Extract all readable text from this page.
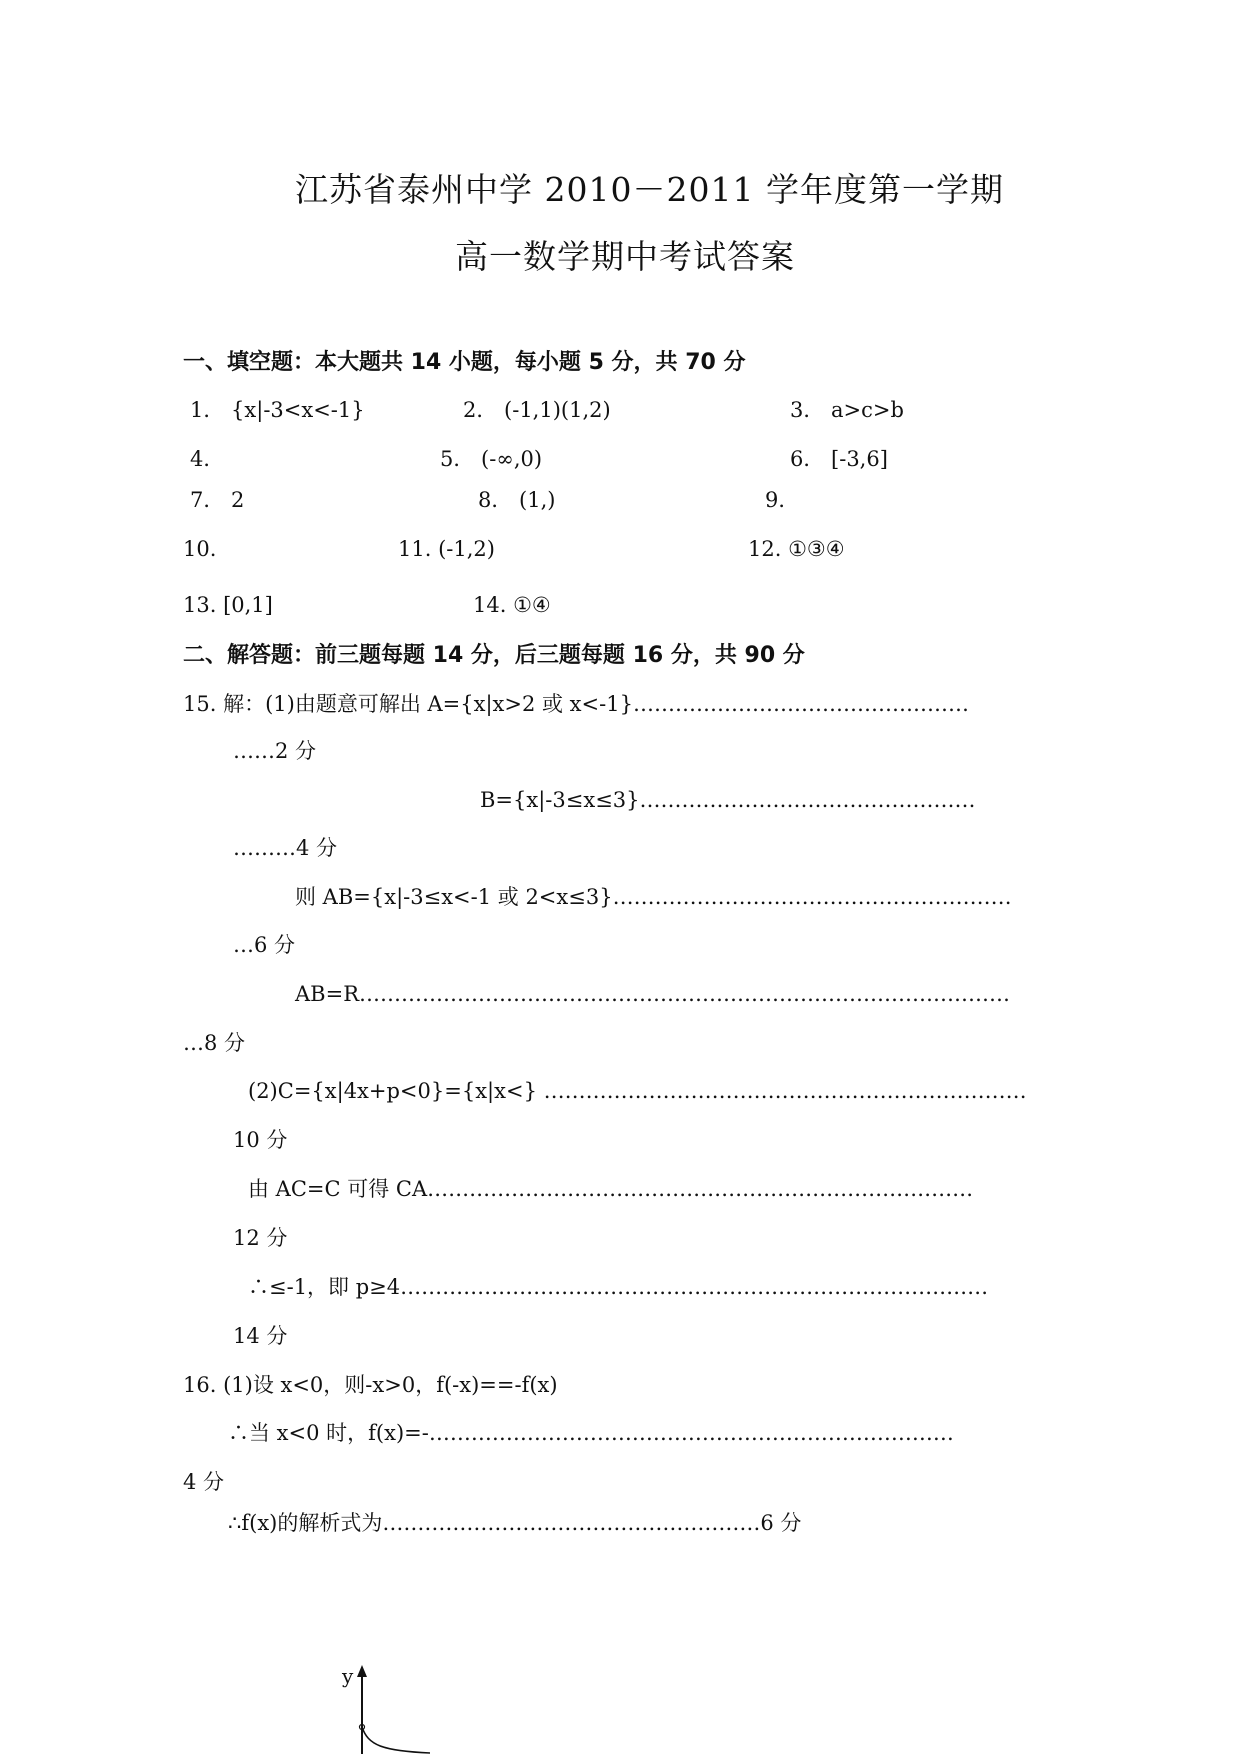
江苏省泰州中学 2010－2011 学年度第一学期
高一数学期中考试答案
一、填空题：本大题共 14 小题，每小题 5 分，共 70 分
1． {x|-3<x<-1}	2． (-1,1)(1,2)	3． a>c>b
4．	5． (-∞,0)	6． [-3,6]
7． 2	8． (1,)	9．
10.	11. (-1,2)	12. ①③④
13. [0,1]	14. ①④
二、解答题：前三题每题 14 分，后三题每题 16 分，共 90 分
15. 解：(1)由题意可解出 A={x|x>2 或 x<-1}…………………………………………
……2 分
B={x|-3≤x≤3}…………………………………………
………4 分
则 AB={x|-3≤x<-1 或 2<x≤3}…………………………………………………
…6 分
AB=R…………………………………………………………………………………
…8 分
(2)C={x|4x+p<0}={x|x<} ……………………………………………………………
10 分
由 AC=C 可得 CA……………………………………………………………………
12 分
∴≤-1，即 p≥4…………………………………………………………………………
14 分
16. (1)设 x<0，则-x>0，f(-x)==-f(x)
∴当 x<0 时，f(x)=-…………………………………………………………………
4 分
∴f(x)的解析式为………………………………………………6 分
y
